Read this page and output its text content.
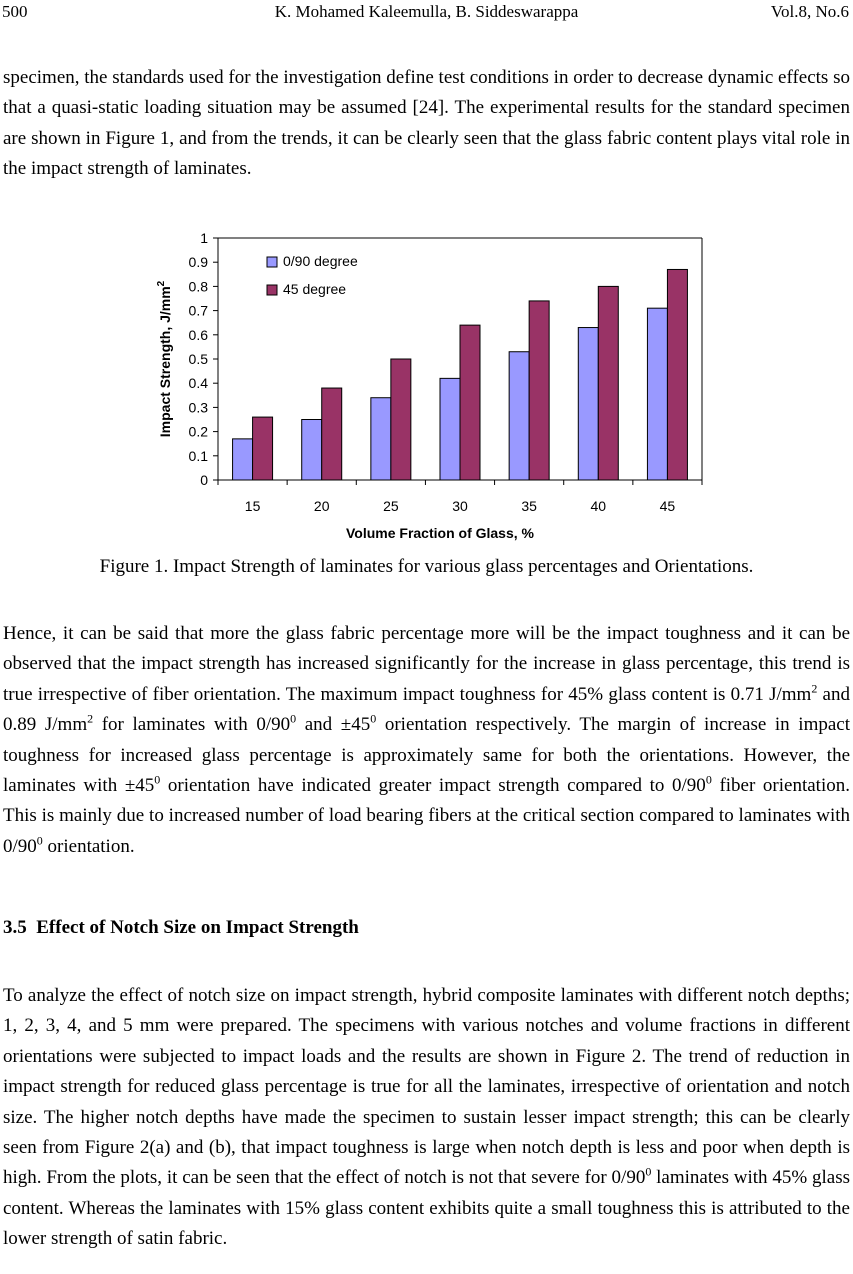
500	K. Mohamed Kaleemulla, B. Siddeswarappa	Vol.8, No.6

specimen, the standards used for the investigation define test conditions in order to decrease dynamic effects so that a quasi-static loading situation may be assumed [24]. The experimental results for the standard specimen are shown in Figure 1, and from the trends, it can be clearly seen that the glass fabric content plays vital role in the impact strength of laminates.

0
0.1
0.2
0.3
0.4
0.5
0.6
0.7
0.8
0.9
1
15	20	25	30	35	40	45
0/90 degree
45 degree
Volume Fraction of Glass, %
Impact Strength, $J/mm^2$
Figure 1. Impact Strength of laminates for various glass percentages and Orientations.

Hence, it can be said that more the glass fabric percentage more will be the impact toughness and it can be observed that the impact strength has increased significantly for the increase in glass percentage, this trend is true irrespective of fiber orientation. The maximum impact toughness for 45% glass content is 0.71 $J/mm^2$ and 0.89 $J/mm^2$ for laminates with $0/90^0$ and $\pm 45^0$ orientation respectively. The margin of increase in impact toughness for increased glass percentage is approximately same for both the orientations. However, the laminates with $\pm 45^0$ orientation have indicated greater impact strength compared to $0/90^0$ fiber orientation. This is mainly due to increased number of load bearing fibers at the critical section compared to laminates with $0/90^0$ orientation.

3.5  Effect of Notch Size on Impact Strength

To analyze the effect of notch size on impact strength, hybrid composite laminates with different notch depths; 1, 2, 3, 4, and 5 mm were prepared. The specimens with various notches and volume fractions in different orientations were subjected to impact loads and the results are shown in Figure 2. The trend of reduction in impact strength for reduced glass percentage is true for all the laminates, irrespective of orientation and notch size. The higher notch depths have made the specimen to sustain lesser impact strength; this can be clearly seen from Figure 2(a) and (b), that impact toughness is large when notch depth is less and poor when depth is high. From the plots, it can be seen that the effect of notch is not that severe for $0/90^0$ laminates with 45% glass content. Whereas the laminates with 15% glass content exhibits quite a small toughness this is attributed to the lower strength of satin fabric.
